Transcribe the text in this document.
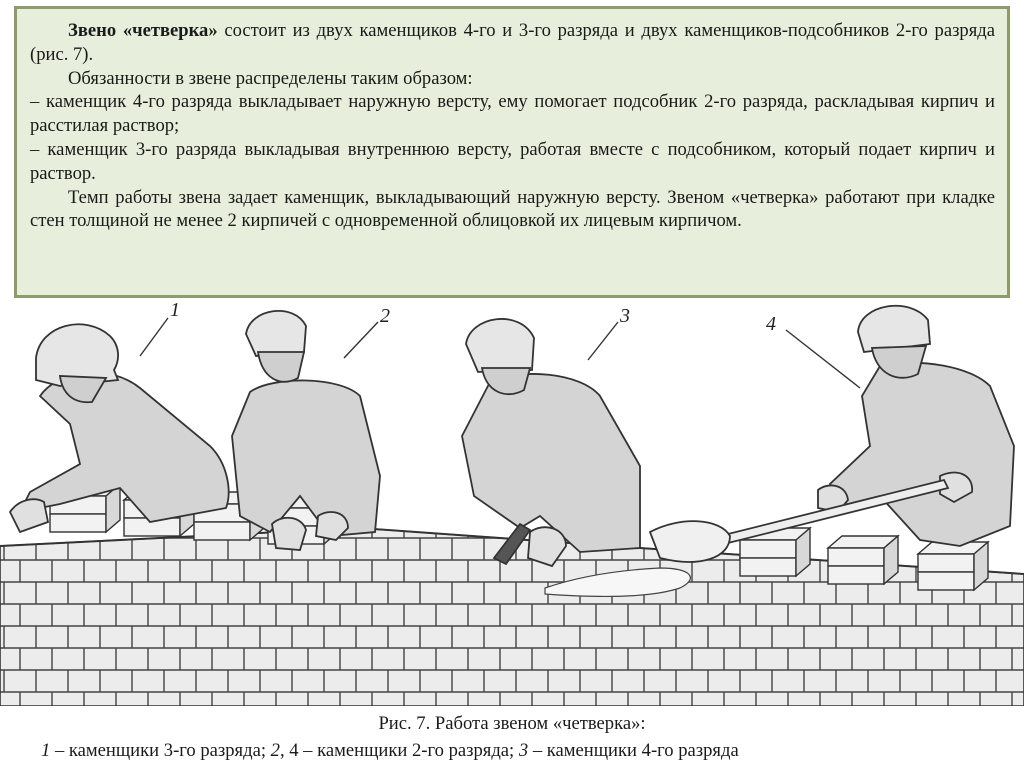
Звено «четверка» состоит из двух каменщиков 4-го и 3-го разряда и двух каменщиков-подсобников 2-го разряда (рис. 7).

Обязанности в звене распределены таким образом:

– каменщик 4-го разряда выкладывает наружную версту, ему помогает подсобник 2-го разряда, раскладывая кирпич и расстилая раствор;

– каменщик 3-го разряда выкладывая внутреннюю версту, работая вместе с подсобником, который подает кирпич и раствор.

Темп работы звена задает каменщик, выкладывающий наружную версту. Звеном «четверка» работают при кладке стен толщиной не менее 2 кирпичей с одновременной облицовкой их лицевым кирпичом.

1	2	3	4
Рис. 7. Работа звеном «четверка»:
1 – каменщики 3-го разряда; 2, 4 – каменщики 2-го разряда; 3 – каменщики 4-го разряда
